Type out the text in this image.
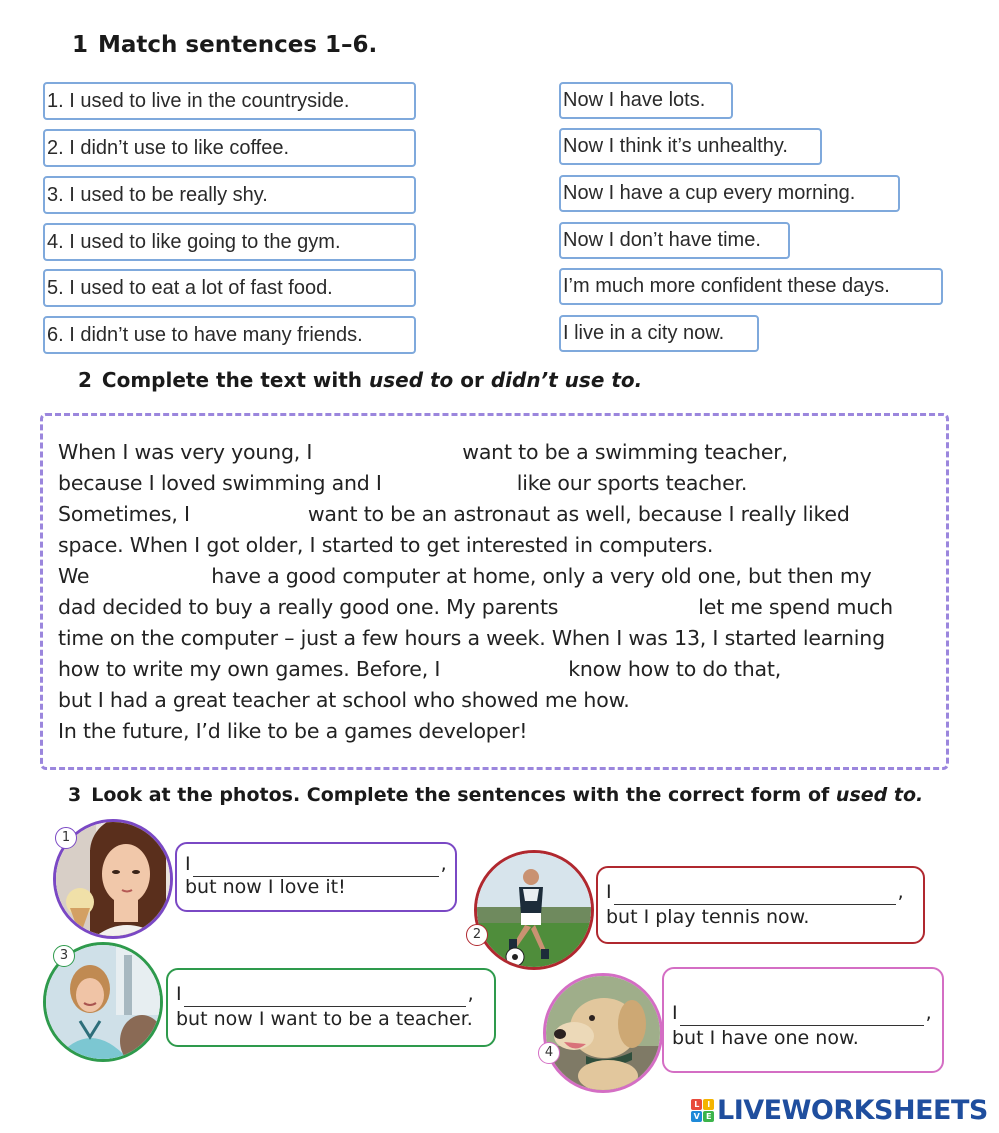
1 Match sentences 1–6.
1. I used to live in the countryside.
2. I didn’t use to like coffee.
3. I used to be really shy.
4. I used to like going to the gym.
5. I used to eat a lot of fast food.
6. I didn’t use to have many friends.
Now I have lots.
Now I think it’s unhealthy.
Now I have a cup every morning.
Now I don’t have time.
I’m much more confident these days.
I live in a city now.
2 Complete the text with used to or didn’t use to.
When I was very young, I	want to be a swimming teacher,
because I loved swimming and I	like our sports teacher.
Sometimes, I	want to be an astronaut as well, because I really liked
space. When I got older, I started to get interested in computers.
We	have a good computer at home, only a very old one, but then my
dad decided to buy a really good one. My parents	let me spend much
time on the computer – just a few hours a week. When I was 13, I started learning
how to write my own games. Before, I	know how to do that,
but I had a great teacher at school who showed me how.
In the future, I’d like to be a games developer!
3 Look at the photos. Complete the sentences with the correct form of used to.
1
I	,
but now I love it!
2
I	,
but I play tennis now.
3
I	,
but now I want to be a teacher.
4
I	,
but I have one now.
L	I
V E LIVEWORKSHEETS
